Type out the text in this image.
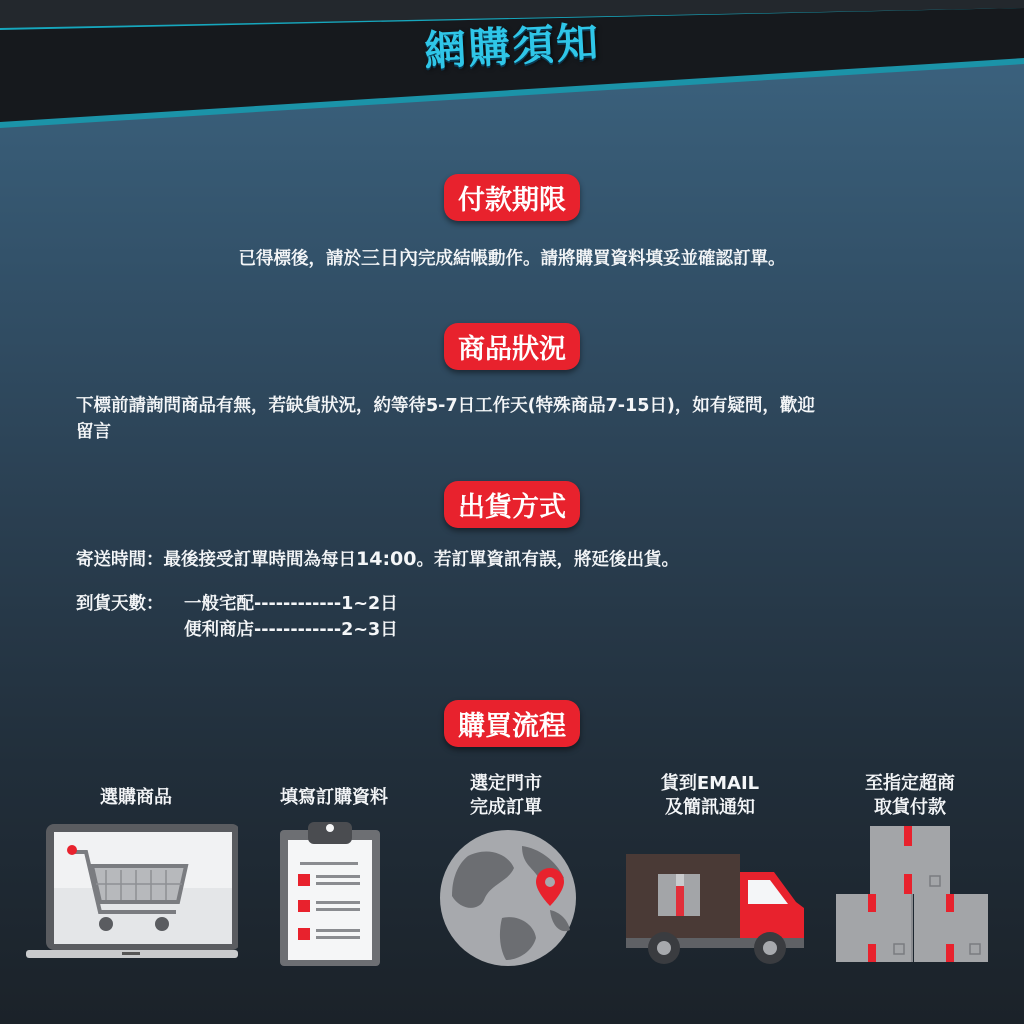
網購須知
付款期限
已得標後，請於三日內完成結帳動作。請將購買資料填妥並確認訂單。
商品狀況
下標前請詢問商品有無，若缺貨狀況，約等待5-7日工作天(特殊商品7-15日)，如有疑問，歡迎
留言
出貨方式
寄送時間：最後接受訂單時間為每日14:00。若訂單資訊有誤，將延後出貨。
到貨天數： 一般宅配------------1~2日
便利商店------------2~3日
購買流程
選購商品	填寫訂購資料
選定門市
完成訂單
貨到EMAIL
及簡訊通知
至指定超商
取貨付款
